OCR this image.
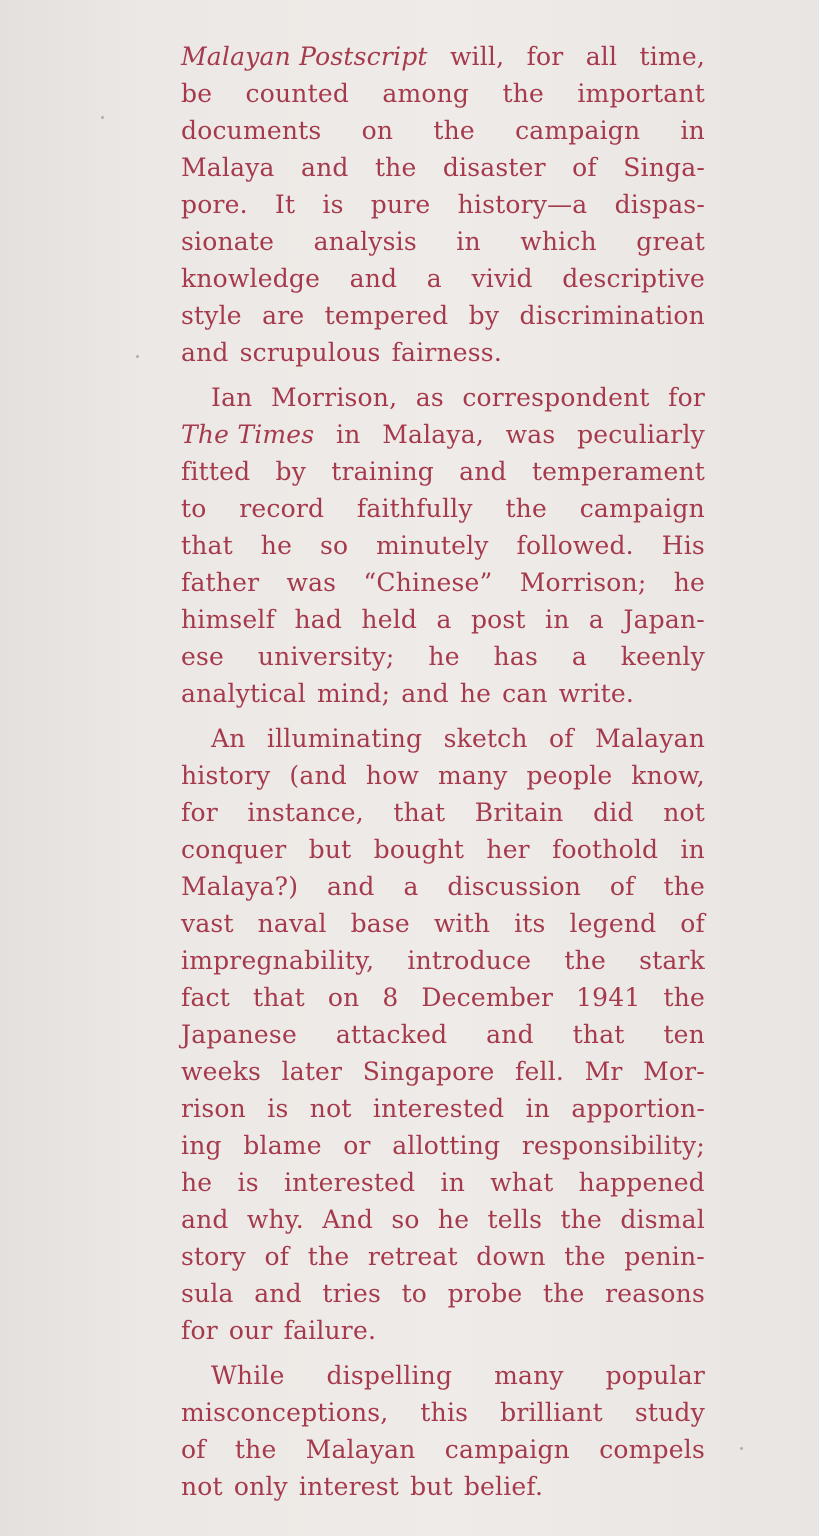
Malayan Postscript will, for all time,
be counted among the important
documents on the campaign in
Malaya and the disaster of Singa-
pore. It is pure history—a dispas-
sionate analysis in which great
knowledge and a vivid descriptive
style are tempered by discrimination
and scrupulous fairness.
Ian Morrison, as correspondent for
The Times in Malaya, was peculiarly
fitted by training and temperament
to record faithfully the campaign
that he so minutely followed. His
father was “Chinese” Morrison; he
himself had held a post in a Japan-
ese university; he has a keenly
analytical mind; and he can write.
An illuminating sketch of Malayan
history (and how many people know,
for instance, that Britain did not
conquer but bought her foothold in
Malaya?) and a discussion of the
vast naval base with its legend of
impregnability, introduce the stark
fact that on 8 December 1941 the
Japanese attacked and that ten
weeks later Singapore fell. Mr Mor-
rison is not interested in apportion-
ing blame or allotting responsibility;
he is interested in what happened
and why. And so he tells the dismal
story of the retreat down the penin-
sula and tries to probe the reasons
for our failure.
While dispelling many popular
misconceptions, this brilliant study
of the Malayan campaign compels
not only interest but belief.
